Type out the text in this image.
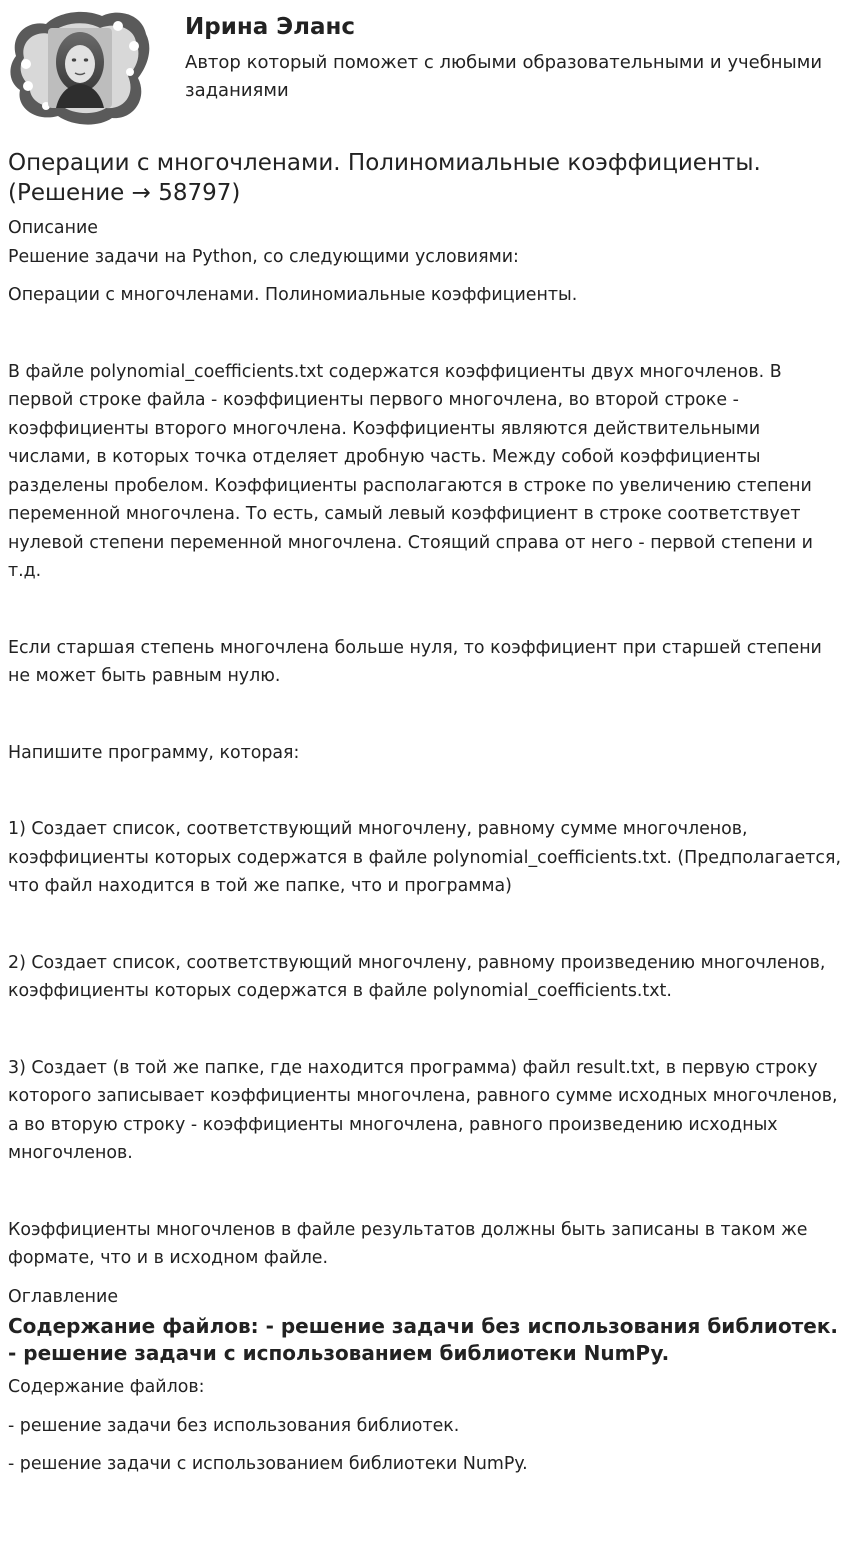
Ирина Эланс
Автор который поможет с любыми образовательными и учебными заданиями
Операции с многочленами. Полиномиальные коэффициенты.
(Решение → 58797)
Описание

Решение задачи на Python, со следующими условиями:

Операции с многочленами. Полиномиальные коэффициенты.

В файле polynomial_coefficients.txt содержатся коэффициенты двух многочленов. В первой строке файла - коэффициенты первого многочлена, во второй строке - коэффициенты второго многочлена. Коэффициенты являются действительными числами, в которых точка отделяет дробную часть. Между собой коэффициенты разделены пробелом. Коэффициенты располагаются в строке по увеличению степени переменной многочлена. То есть, самый левый коэффициент в строке соответствует нулевой степени переменной многочлена. Стоящий справа от него - первой степени и т.д.

Если старшая степень многочлена больше нуля, то коэффициент при старшей степени не может быть равным нулю.

Напишите программу, которая:

1) Создает список, соответствующий многочлену, равному сумме многочленов, коэффициенты которых содержатся в файле polynomial_coefficients.txt. (Предполагается, что файл находится в той же папке, что и программа)

2) Создает список, соответствующий многочлену, равному произведению многочленов, коэффициенты которых содержатся в файле polynomial_coefficients.txt.

3) Создает (в той же папке, где находится программа) файл result.txt, в первую строку которого записывает коэффициенты многочлена, равного сумме исходных многочленов, а во вторую строку - коэффициенты многочлена, равного произведению исходных многочленов.

Коэффициенты многочленов в файле результатов должны быть записаны в таком же формате, что и в исходном файле.

Оглавление
Содержание файлов: - решение задачи без использования библиотек. - решение задачи с использованием библиотеки NumPy.

Содержание файлов:

- решение задачи без использования библиотек.

- решение задачи с использованием библиотеки NumPy.
